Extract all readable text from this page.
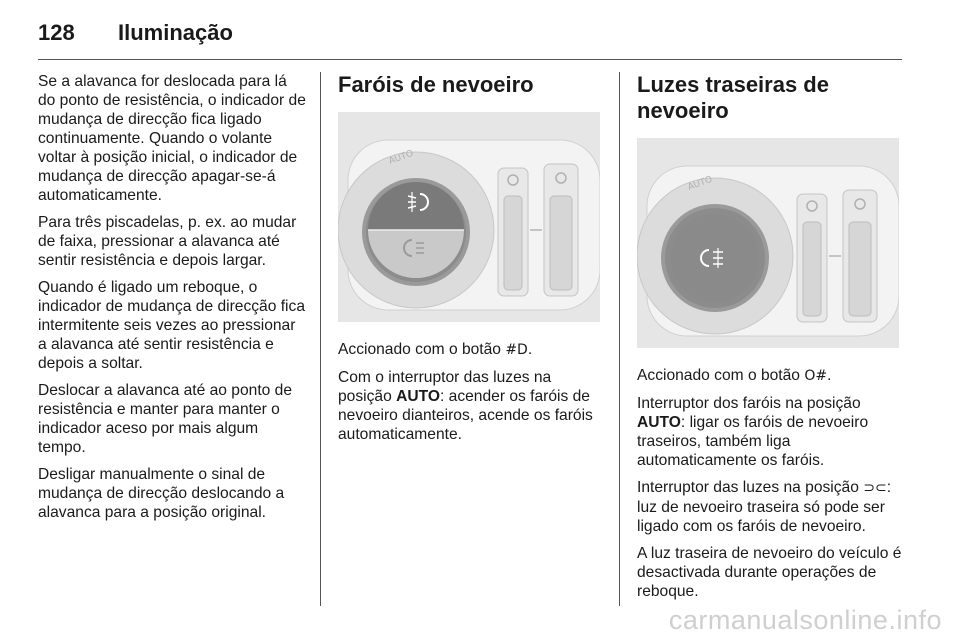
128 Iluminação

Se a alavanca for deslocada para lá do ponto de resistência, o indicador de mudança de direcção fica ligado continuamente. Quando o volante voltar à posição inicial, o indicador de mudança de direcção apagar-se-á automaticamente.

Para três piscadelas, p. ex. ao mudar de faixa, pressionar a alavanca até sentir resistência e depois largar.

Quando é ligado um reboque, o indicador de mudança de direcção fica intermitente seis vezes ao pressionar a alavanca até sentir resistência e depois a soltar.

Deslocar a alavanca até ao ponto de resistência e manter para manter o indicador aceso por mais algum tempo.

Desligar manualmente o sinal de mudança de direcção deslocando a alavanca para a posição original.

Faróis de nevoeiro
AUTO

Accionado com o botão #D.

Com o interruptor das luzes na posição AUTO: acender os faróis de nevoeiro dianteiros, acende os faróis automaticamente.

Luzes traseiras de nevoeiro
AUTO

Accionado com o botão O#.

Interruptor dos faróis na posição AUTO: ligar os faróis de nevoeiro traseiros, também liga automaticamente os faróis.

Interruptor das luzes na posição ⊃⊂: luz de nevoeiro traseira só pode ser ligado com os faróis de nevoeiro.

A luz traseira de nevoeiro do veículo é desactivada durante operações de reboque.

carmanualsonline.info
